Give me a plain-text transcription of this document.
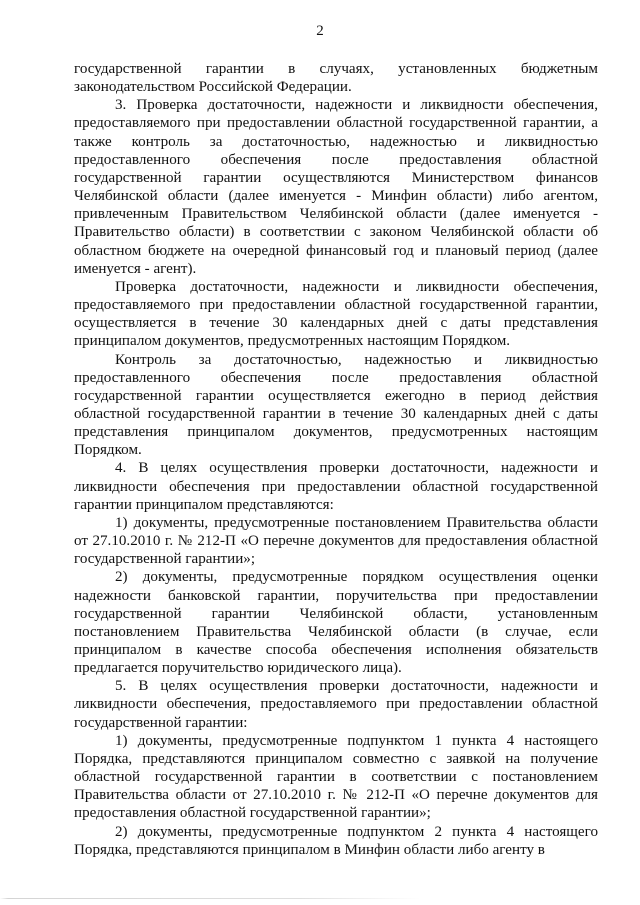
2

государственной гарантии в случаях, установленных бюджетным законодательством Российской Федерации.

3. Проверка достаточности, надежности и ликвидности обеспечения, предоставляемого при предоставлении областной государственной гарантии, а также контроль за достаточностью, надежностью и ликвидностью предоставленного обеспечения после предоставления областной государственной гарантии осуществляются Министерством финансов Челябинской области (далее именуется - Минфин области) либо агентом, привлеченным Правительством Челябинской области (далее именуется - Правительство области) в соответствии с законом Челябинской области об областном бюджете на очередной финансовый год и плановый период (далее именуется - агент).

Проверка достаточности, надежности и ликвидности обеспечения, предоставляемого при предоставлении областной государственной гарантии, осуществляется в течение 30 календарных дней с даты представления принципалом документов, предусмотренных настоящим Порядком.

Контроль за достаточностью, надежностью и ликвидностью предоставленного обеспечения после предоставления областной государственной гарантии осуществляется ежегодно в период действия областной государственной гарантии в течение 30 календарных дней с даты представления принципалом документов, предусмотренных настоящим Порядком.

4. В целях осуществления проверки достаточности, надежности и ликвидности обеспечения при предоставлении областной государственной гарантии принципалом представляются:

1) документы, предусмотренные постановлением Правительства области от 27.10.2010 г. № 212-П «О перечне документов для предоставления областной государственной гарантии»;

2) документы, предусмотренные порядком осуществления оценки надежности банковской гарантии, поручительства при предоставлении государственной гарантии Челябинской области, установленным постановлением Правительства Челябинской области (в случае, если принципалом в качестве способа обеспечения исполнения обязательств предлагается поручительство юридического лица).

5. В целях осуществления проверки достаточности, надежности и ликвидности обеспечения, предоставляемого при предоставлении областной государственной гарантии:

1) документы, предусмотренные подпунктом 1 пункта 4 настоящего Порядка, представляются принципалом совместно с заявкой на получение областной государственной гарантии в соответствии с постановлением Правительства области от 27.10.2010 г. № 212-П «О перечне документов для предоставления областной государственной гарантии»;

2) документы, предусмотренные подпунктом 2 пункта 4 настоящего Порядка, представляются принципалом в Минфин области либо агенту в
